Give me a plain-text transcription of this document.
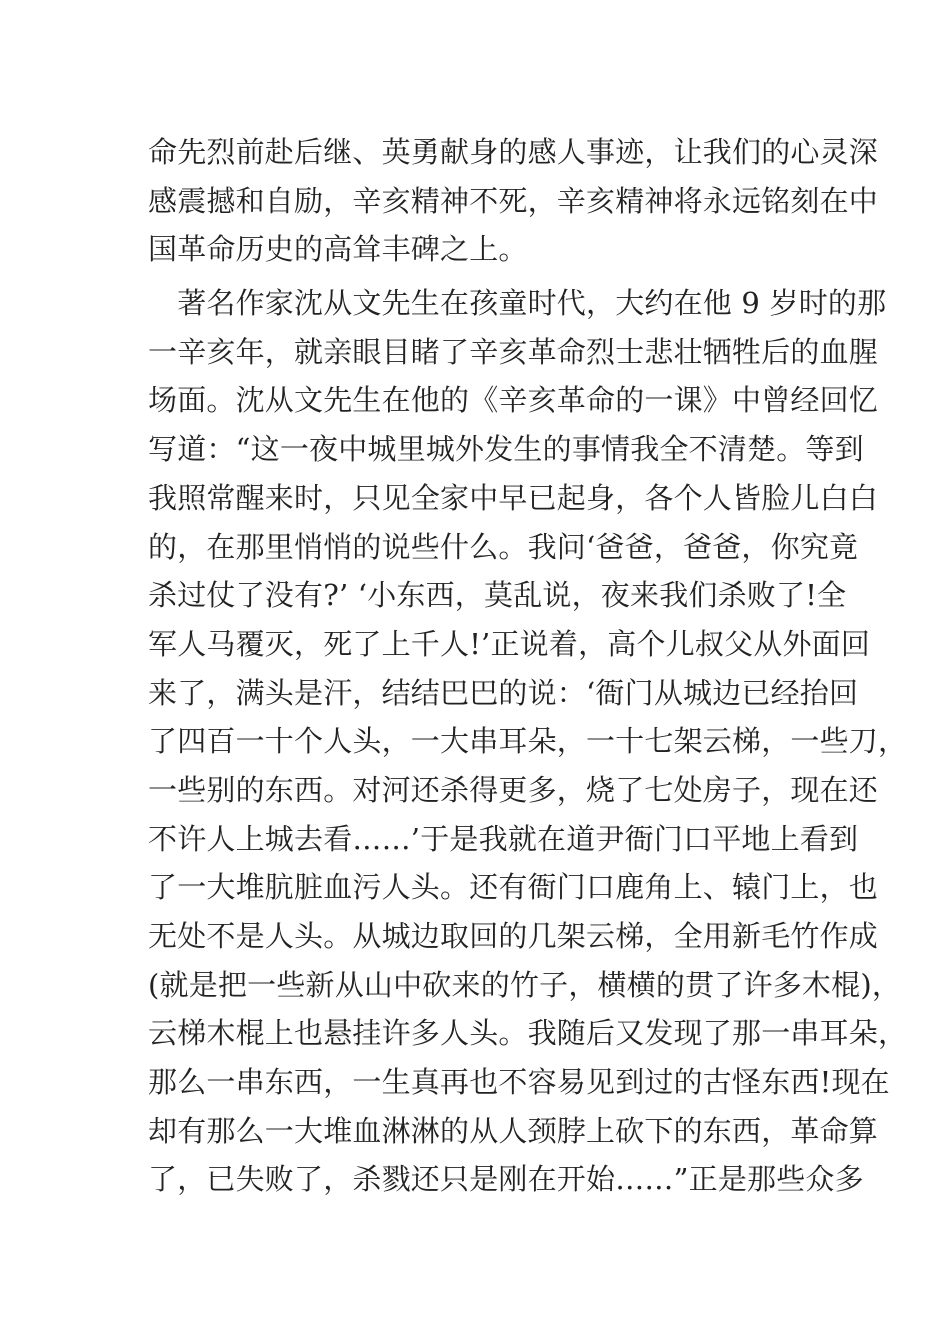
命先烈前赴后继、英勇献身的感人事迹，让我们的心灵深
感震撼和自励，辛亥精神不死，辛亥精神将永远铭刻在中
国革命历史的高耸丰碑之上。
　著名作家沈从文先生在孩童时代，大约在他 9 岁时的那
一辛亥年，就亲眼目睹了辛亥革命烈士悲壮牺牲后的血腥
场面。沈从文先生在他的《辛亥革命的一课》中曾经回忆
写道：“这一夜中城里城外发生的事情我全不清楚。等到
我照常醒来时，只见全家中早已起身，各个人皆脸儿白白
的，在那里悄悄的说些什么。我问‘爸爸，爸爸，你究竟
杀过仗了没有?’ ‘小东西，莫乱说，夜来我们杀败了!全
军人马覆灭，死了上千人!’正说着，高个儿叔父从外面回
来了，满头是汗，结结巴巴的说：‘衙门从城边已经抬回
了四百一十个人头，一大串耳朵，一十七架云梯，一些刀，
一些别的东西。对河还杀得更多，烧了七处房子，现在还
不许人上城去看……’于是我就在道尹衙门口平地上看到
了一大堆肮脏血污人头。还有衙门口鹿角上、辕门上，也
无处不是人头。从城边取回的几架云梯，全用新毛竹作成
(就是把一些新从山中砍来的竹子，横横的贯了许多木棍)，
云梯木棍上也悬挂许多人头。我随后又发现了那一串耳朵，
那么一串东西，一生真再也不容易见到过的古怪东西!现在
却有那么一大堆血淋淋的从人颈脖上砍下的东西，革命算
了，已失败了，杀戮还只是刚在开始……”正是那些众多
